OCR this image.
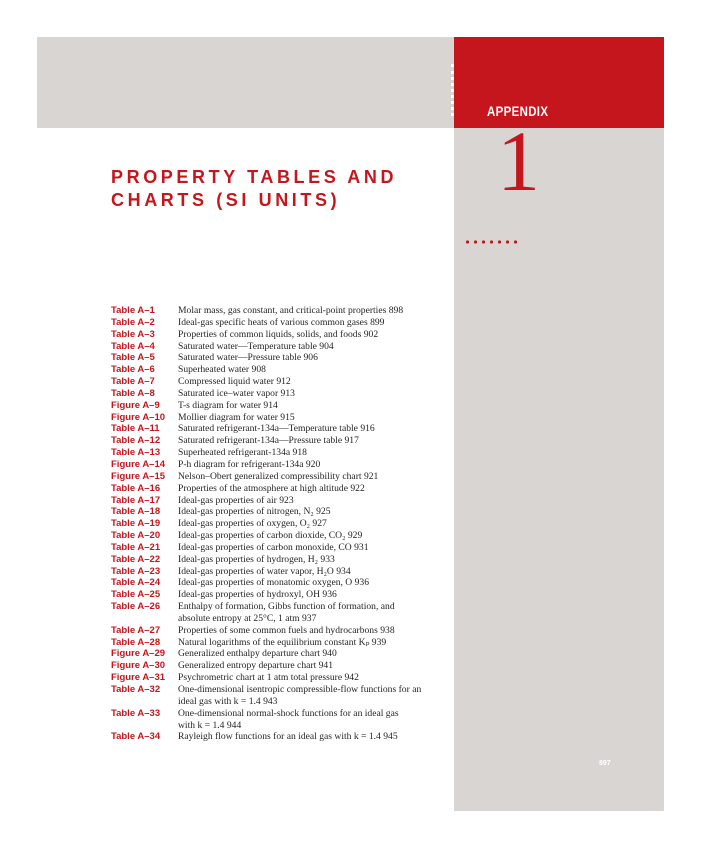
APPENDIX
1
PROPERTY TABLES AND
CHARTS (SI UNITS)
Table A–1	Molar mass, gas constant, and critical-point properties 898
Table A–2	Ideal-gas specific heats of various common gases 899
Table A–3	Properties of common liquids, solids, and foods 902
Table A–4	Saturated water—Temperature table 904
Table A–5	Saturated water—Pressure table 906
Table A–6	Superheated water 908
Table A–7	Compressed liquid water 912
Table A–8	Saturated ice–water vapor 913
Figure A–9	T-s diagram for water 914
Figure A–10	Mollier diagram for water 915
Table A–11	Saturated refrigerant-134a—Temperature table 916
Table A–12	Saturated refrigerant-134a—Pressure table 917
Table A–13	Superheated refrigerant-134a 918
Figure A–14	P-h diagram for refrigerant-134a 920
Figure A–15	Nelson–Obert generalized compressibility chart 921
Table A–16	Properties of the atmosphere at high altitude 922
Table A–17	Ideal-gas properties of air 923
Table A–18	Ideal-gas properties of nitrogen, N₂ 925
Table A–19	Ideal-gas properties of oxygen, O₂ 927
Table A–20	Ideal-gas properties of carbon dioxide, CO₂ 929
Table A–21	Ideal-gas properties of carbon monoxide, CO 931
Table A–22	Ideal-gas properties of hydrogen, H₂ 933
Table A–23	Ideal-gas properties of water vapor, H₂O 934
Table A–24	Ideal-gas properties of monatomic oxygen, O 936
Table A–25	Ideal-gas properties of hydroxyl, OH 936
Table A–26	Enthalpy of formation, Gibbs function of formation, and
absolute entropy at 25°C, 1 atm 937
Table A–27	Properties of some common fuels and hydrocarbons 938
Table A–28	Natural logarithms of the equilibrium constant Kₚ 939
Figure A–29	Generalized enthalpy departure chart 940
Figure A–30	Generalized entropy departure chart 941
Figure A–31	Psychrometric chart at 1 atm total pressure 942
Table A–32	One-dimensional isentropic compressible-flow functions for an
ideal gas with k = 1.4 943
Table A–33	One-dimensional normal-shock functions for an ideal gas
with k = 1.4 944
Table A–34	Rayleigh flow functions for an ideal gas with k = 1.4 945
897
